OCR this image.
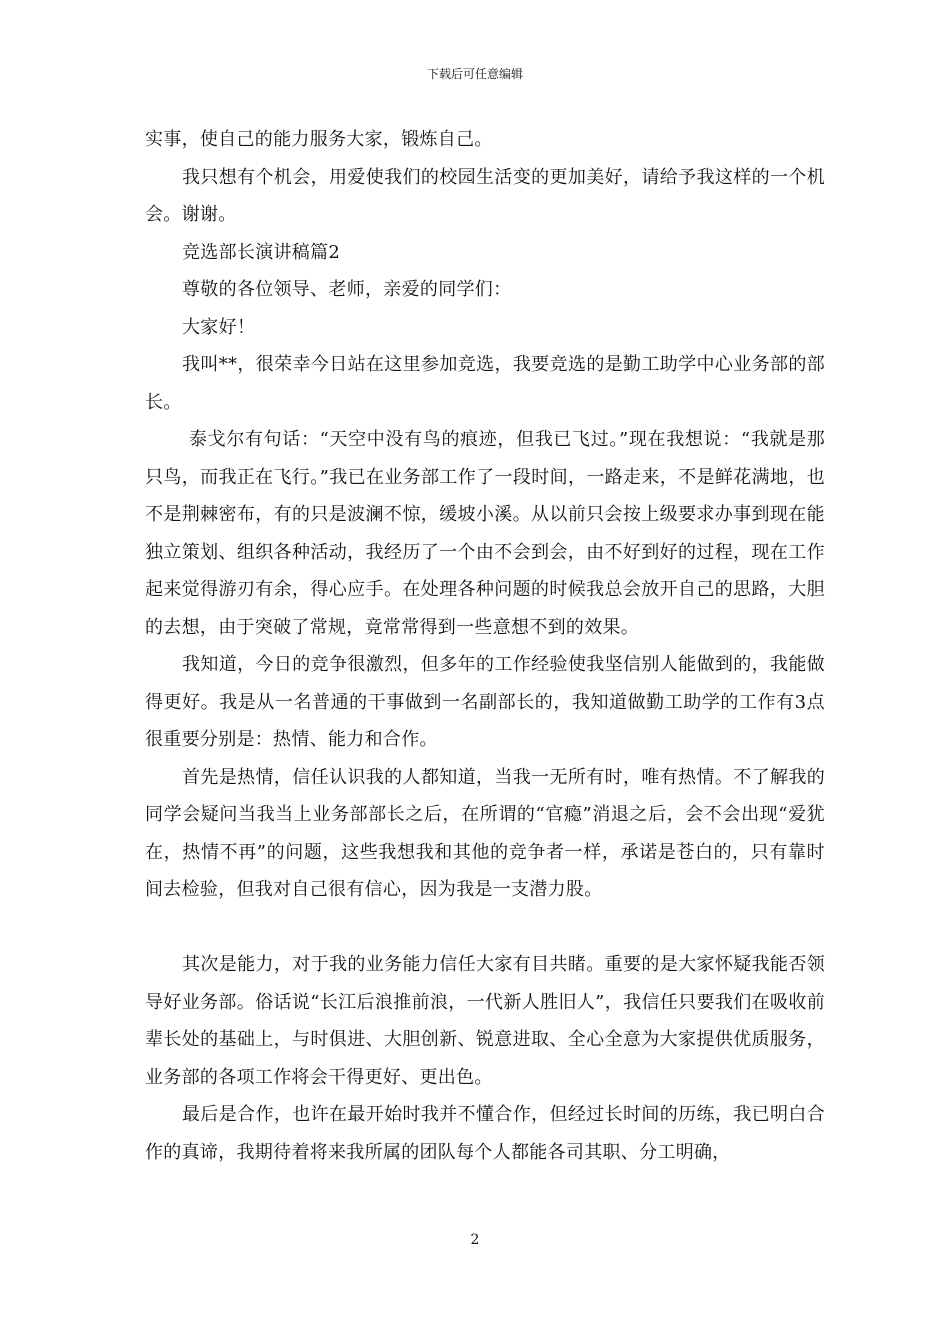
下载后可任意编辑

实事，使自己的能力服务大家，锻炼自己。

我只想有个机会，用爱使我们的校园生活变的更加美好，请给予我这样的一个机会。谢谢。

竞选部长演讲稿篇2

尊敬的各位领导、老师，亲爱的同学们：

大家好！

我叫**，很荣幸今日站在这里参加竞选，我要竞选的是勤工助学中心业务部的部长。

泰戈尔有句话：“天空中没有鸟的痕迹，但我已飞过。”现在我想说：“我就是那只鸟，而我正在飞行。”我已在业务部工作了一段时间，一路走来，不是鲜花满地，也不是荆棘密布，有的只是波澜不惊，缓坡小溪。从以前只会按上级要求办事到现在能独立策划、组织各种活动，我经历了一个由不会到会，由不好到好的过程，现在工作起来觉得游刃有余，得心应手。在处理各种问题的时候我总会放开自己的思路，大胆的去想，由于突破了常规，竟常常得到一些意想不到的效果。

我知道，今日的竞争很激烈，但多年的工作经验使我坚信别人能做到的，我能做得更好。我是从一名普通的干事做到一名副部长的，我知道做勤工助学的工作有3点很重要分别是：热情、能力和合作。

首先是热情，信任认识我的人都知道，当我一无所有时，唯有热情。不了解我的同学会疑问当我当上业务部部长之后，在所谓的“官瘾”消退之后，会不会出现“爱犹在，热情不再”的问题，这些我想我和其他的竞争者一样，承诺是苍白的，只有靠时间去检验，但我对自己很有信心，因为我是一支潜力股。

其次是能力，对于我的业务能力信任大家有目共睹。重要的是大家怀疑我能否领导好业务部。俗话说“长江后浪推前浪，一代新人胜旧人”，我信任只要我们在吸收前辈长处的基础上，与时俱进、大胆创新、锐意进取、全心全意为大家提供优质服务，业务部的各项工作将会干得更好、更出色。

最后是合作，也许在最开始时我并不懂合作，但经过长时间的历练，我已明白合作的真谛，我期待着将来我所属的团队每个人都能各司其职、分工明确，

2
